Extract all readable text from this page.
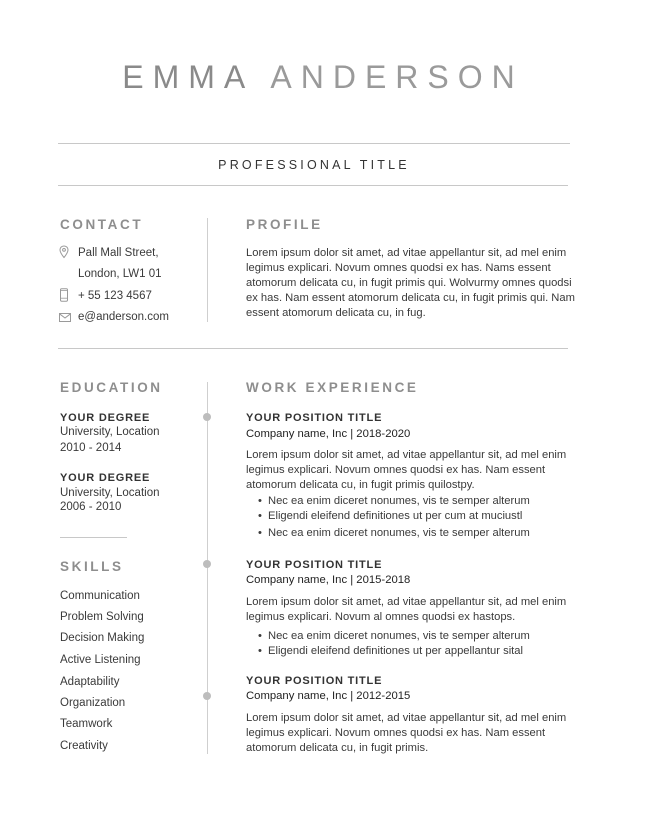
EMMA ANDERSON
PROFESSIONAL TITLE
CONTACT
Pall Mall Street,
London, LW1 01
+ 55 123 4567
e@anderson.com
PROFILE
Lorem ipsum dolor sit amet, ad vitae appellantur sit, ad mel enim legimus explicari. Novum omnes quodsi ex has. Nams essent atomorum delicata cu, in fugit primis qui. Wolvurmy omnes quodsi ex has. Nam essent atomorum delicata cu, in fugit primis qui. Nam essent atomorum delicata cu, in fug.
EDUCATION
YOUR DEGREE
University, Location
2010 - 2014
YOUR DEGREE
University, Location
2006 - 2010
SKILLS
Communication
Problem Solving
Decision Making
Active Listening
Adaptability
Organization
Teamwork
Creativity
WORK EXPERIENCE
YOUR POSITION TITLE
Company name, Inc | 2018-2020
Lorem ipsum dolor sit amet, ad vitae appellantur sit, ad mel enim legimus explicari. Novum omnes quodsi ex has. Nam essent atomorum delicata cu, in fugit primis quilostpy.
• Nec ea enim diceret nonumes, vis te semper alterum
• Eligendi eleifend definitiones ut per cum at muciustl
• Nec ea enim diceret nonumes, vis te semper alterum
YOUR POSITION TITLE
Company name, Inc | 2015-2018
Lorem ipsum dolor sit amet, ad vitae appellantur sit, ad mel enim legimus explicari. Novum al omnes quodsi ex hastops.
• Nec ea enim diceret nonumes, vis te semper alterum
• Eligendi eleifend definitiones ut per appellantur sital
YOUR POSITION TITLE
Company name, Inc | 2012-2015
Lorem ipsum dolor sit amet, ad vitae appellantur sit, ad mel enim legimus explicari. Novum omnes quodsi ex has. Nam essent atomorum delicata cu, in fugit primis.
